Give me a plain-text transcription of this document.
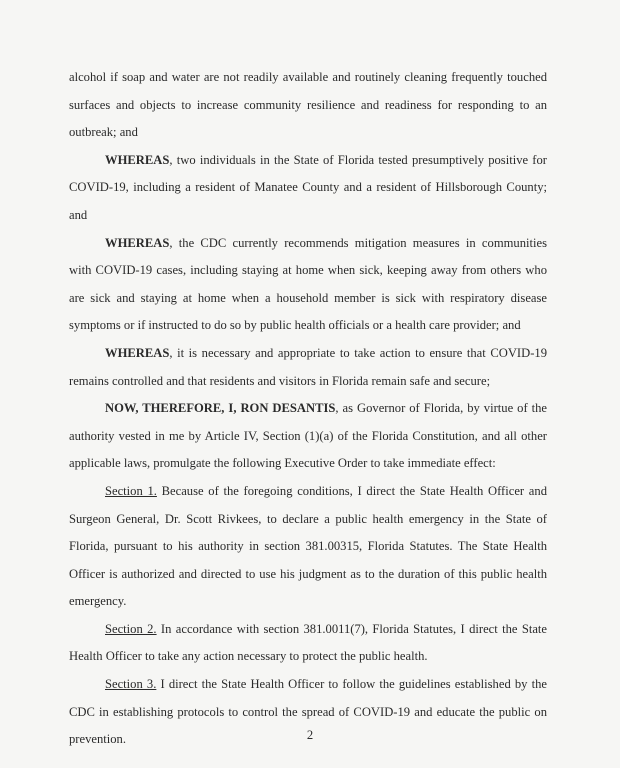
alcohol if soap and water are not readily available and routinely cleaning frequently touched surfaces and objects to increase community resilience and readiness for responding to an outbreak; and

WHEREAS, two individuals in the State of Florida tested presumptively positive for COVID-19, including a resident of Manatee County and a resident of Hillsborough County; and

WHEREAS, the CDC currently recommends mitigation measures in communities with COVID-19 cases, including staying at home when sick, keeping away from others who are sick and staying at home when a household member is sick with respiratory disease symptoms or if instructed to do so by public health officials or a health care provider; and

WHEREAS, it is necessary and appropriate to take action to ensure that COVID-19 remains controlled and that residents and visitors in Florida remain safe and secure;

NOW, THEREFORE, I, RON DESANTIS, as Governor of Florida, by virtue of the authority vested in me by Article IV, Section (1)(a) of the Florida Constitution, and all other applicable laws, promulgate the following Executive Order to take immediate effect:

Section 1. Because of the foregoing conditions, I direct the State Health Officer and Surgeon General, Dr. Scott Rivkees, to declare a public health emergency in the State of Florida, pursuant to his authority in section 381.00315, Florida Statutes. The State Health Officer is authorized and directed to use his judgment as to the duration of this public health emergency.

Section 2. In accordance with section 381.0011(7), Florida Statutes, I direct the State Health Officer to take any action necessary to protect the public health.

Section 3. I direct the State Health Officer to follow the guidelines established by the CDC in establishing protocols to control the spread of COVID-19 and educate the public on prevention.	2
